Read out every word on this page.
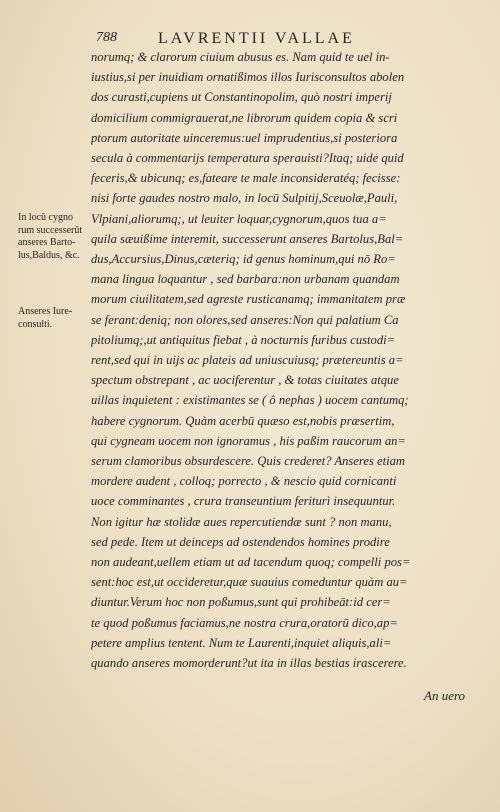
788	LAVRENTII VALLAE
In locū cygno
rum successerūt
anseres Barto-
lus,Baldus, &c.
Anseres Iure-
consulti.
norumq; & clarorum ciuium abusus es. Nam quid te uel in-
iustius,si per inuidiam ornatißimos illos Iurisconsultos abolen
dos curasti,cupiens ut Constantinopolim, quò nostri imperij
domicilium commigrauerat,ne librorum quidem copia & scri
ptorum autoritate uinceremus:uel imprudentius,si posteriora
secula à commentarijs temperatura sperauisti?Itaq; uide quid
feceris,& ubicunq; es,fateare te male inconsideratéq; fecisse:
nisi forte gaudes nostro malo, in locū Sulpitij,Sceuolæ,Pauli,
Vlpiani,aliorumq;, ut leuiter loquar,cygnorum,quos tua a=
quila sæuißime interemit, successerunt anseres Bartolus,Bal=
dus,Accursius,Dinus,cæteriq; id genus hominum,qui nō Ro=
mana lingua loquantur , sed barbara:non urbanam quandam
morum ciuilitatem,sed agreste rusticanamq; immanitatem præ
se ferant:deniq; non olores,sed anseres:Non qui palatium Ca
pitoliumq;,ut antiquitus fiebat , à nocturnis furibus custodi=
rent,sed qui in uijs ac plateis ad uniuscuiusq; prætereuntis a=
spectum obstrepant , ac uociferentur , & totas ciuitates atque
uillas inquietent : existimantes se ( ô nephas ) uocem cantumq;
habere cygnorum. Quàm acerbū quæso est,nobis præsertim,
qui cygneam uocem non ignoramus , his paßim raucorum an=
serum clamoribus obsurdescere. Quis crederet? Anseres etiam
mordere audent , colloq; porrecto , & nescio quid cornicanti
uoce comminantes , crura transeuntium feriturì insequuntur.
Non igitur hæ stolidæ aues repercutiendæ sunt ? non manu,
sed pede. Item ut deinceps ad ostendendos homines prodire
non audeant,uellem etiam ut ad tacendum quoq; compelli pos=
sent:hoc est,ut occideretur,quæ suauius comeduntur quàm au=
diuntur.Verum hoc non poßumus,sunt qui prohibeāt:id cer=
te quod poßumus faciamus,ne nostra crura,oratorū dico,ap=
petere amplius tentent. Num te Laurenti,inquiet aliquis,ali=
quando anseres momorderunt?ut ita in illas bestias irascerere.
An uero
